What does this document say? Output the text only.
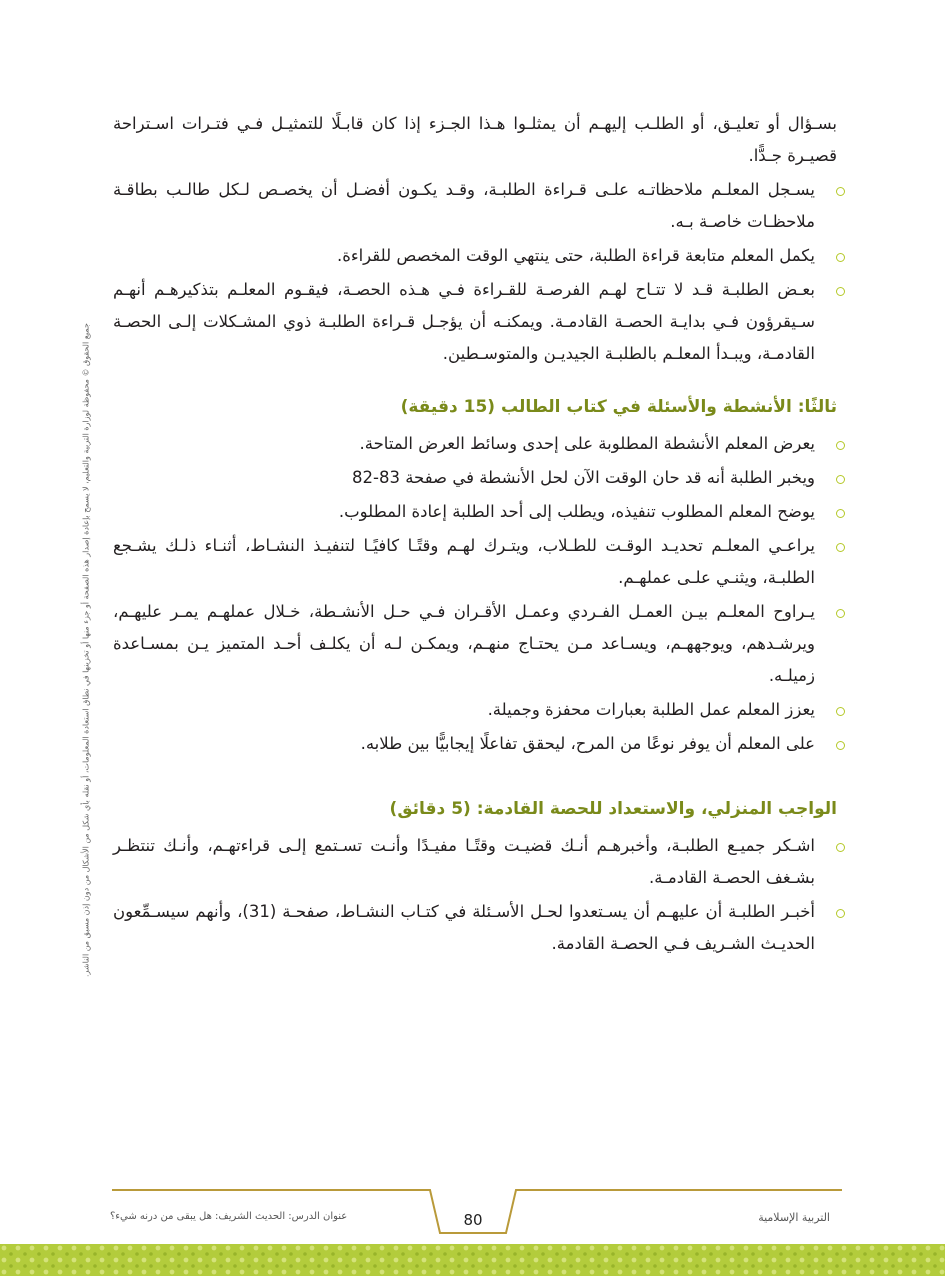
بسـؤال أو تعليـق، أو الطلـب إليهـم أن يمثلـوا هـذا الجـزء إذا كان قابـلًا للتمثيـل فـي فتـرات اسـتراحة قصيـرة جـدًّا.

يسـجل المعلـم ملاحظاتـه علـى قـراءة الطلبـة، وقـد يكـون أفضـل أن يخصـص لـكل طالـب بطاقـة ملاحظـات خاصـة بـه.
يكمل المعلم متابعة قراءة الطلبة، حتى ينتهي الوقت المخصص للقراءة.
بعـض الطلبـة قـد لا تتـاح لهـم الفرصـة للقـراءة فـي هـذه الحصـة، فيقـوم المعلـم بتذكيرهـم أنهـم سـيقرؤون فـي بدايـة الحصـة القادمـة. ويمكنـه أن يؤجـل قـراءة الطلبـة ذوي المشـكلات إلـى الحصـة القادمـة، ويبـدأ المعلـم بالطلبـة الجيديـن والمتوسـطين.
ثالثًا: الأنشطة والأسئلة في كتاب الطالب (15 دقيقة)
يعرض المعلم الأنشطة المطلوبة على إحدى وسائط العرض المتاحة.
ويخبر الطلبة أنه قد حان الوقت الآن لحل الأنشطة في صفحة 83-82
يوضح المعلم المطلوب تنفيذه، ويطلب إلى أحد الطلبة إعادة المطلوب.
يراعـي المعلـم تحديـد الوقـت للطـلاب، ويتـرك لهـم وقتًـا كافيًـا لتنفيـذ النشـاط، أثنـاء ذلـك يشـجع الطلبـة، ويثنـي علـى عملهـم.
يـراوح المعلـم بيـن العمـل الفـردي وعمـل الأقـران فـي حـل الأنشـطة، خـلال عملهـم يمـر عليهـم، ويرشـدهم، ويوجههـم، ويسـاعد مـن يحتـاج منهـم، ويمكـن لـه أن يكلـف أحـد المتميز يـن بمسـاعدة زميلـه.
يعزز المعلم عمل الطلبة بعبارات محفزة وجميلة.
على المعلم أن يوفر نوعًا من المرح، ليحقق تفاعلًا إيجابيًّا بين طلابه.
الواجب المنزلي، والاستعداد للحصة القادمة: (5 دقائق)
اشـكر جميـع الطلبـة، وأخبرهـم أنـك قضيـت وقتًـا مفيـدًا وأنـت تسـتمع إلـى قراءتهـم، وأنـك تنتظـر بشـغف الحصـة القادمـة.
أخبـر الطلبـة أن عليهـم أن يسـتعدوا لحـل الأسـئلة في كتـاب النشـاط، صفحـة (31)، وأنهم سيسـمِّعون الحديـث الشـريف فـي الحصـة القادمة.
جميع الحقوق © محفوظة لوزارة التربية والتعليم، لا يسمح بإعادة إصدار هذه الصفحة أو جزء منها أو تخزينها في نطاق استعادة المعلومات، أو نقله بأي شكل من الأشكال من دون إذن مسبق من الناشر.
التربية الإسلامية
80
عنوان الدرس: الحديث الشريف: هل يبقى من درنه شيء؟
